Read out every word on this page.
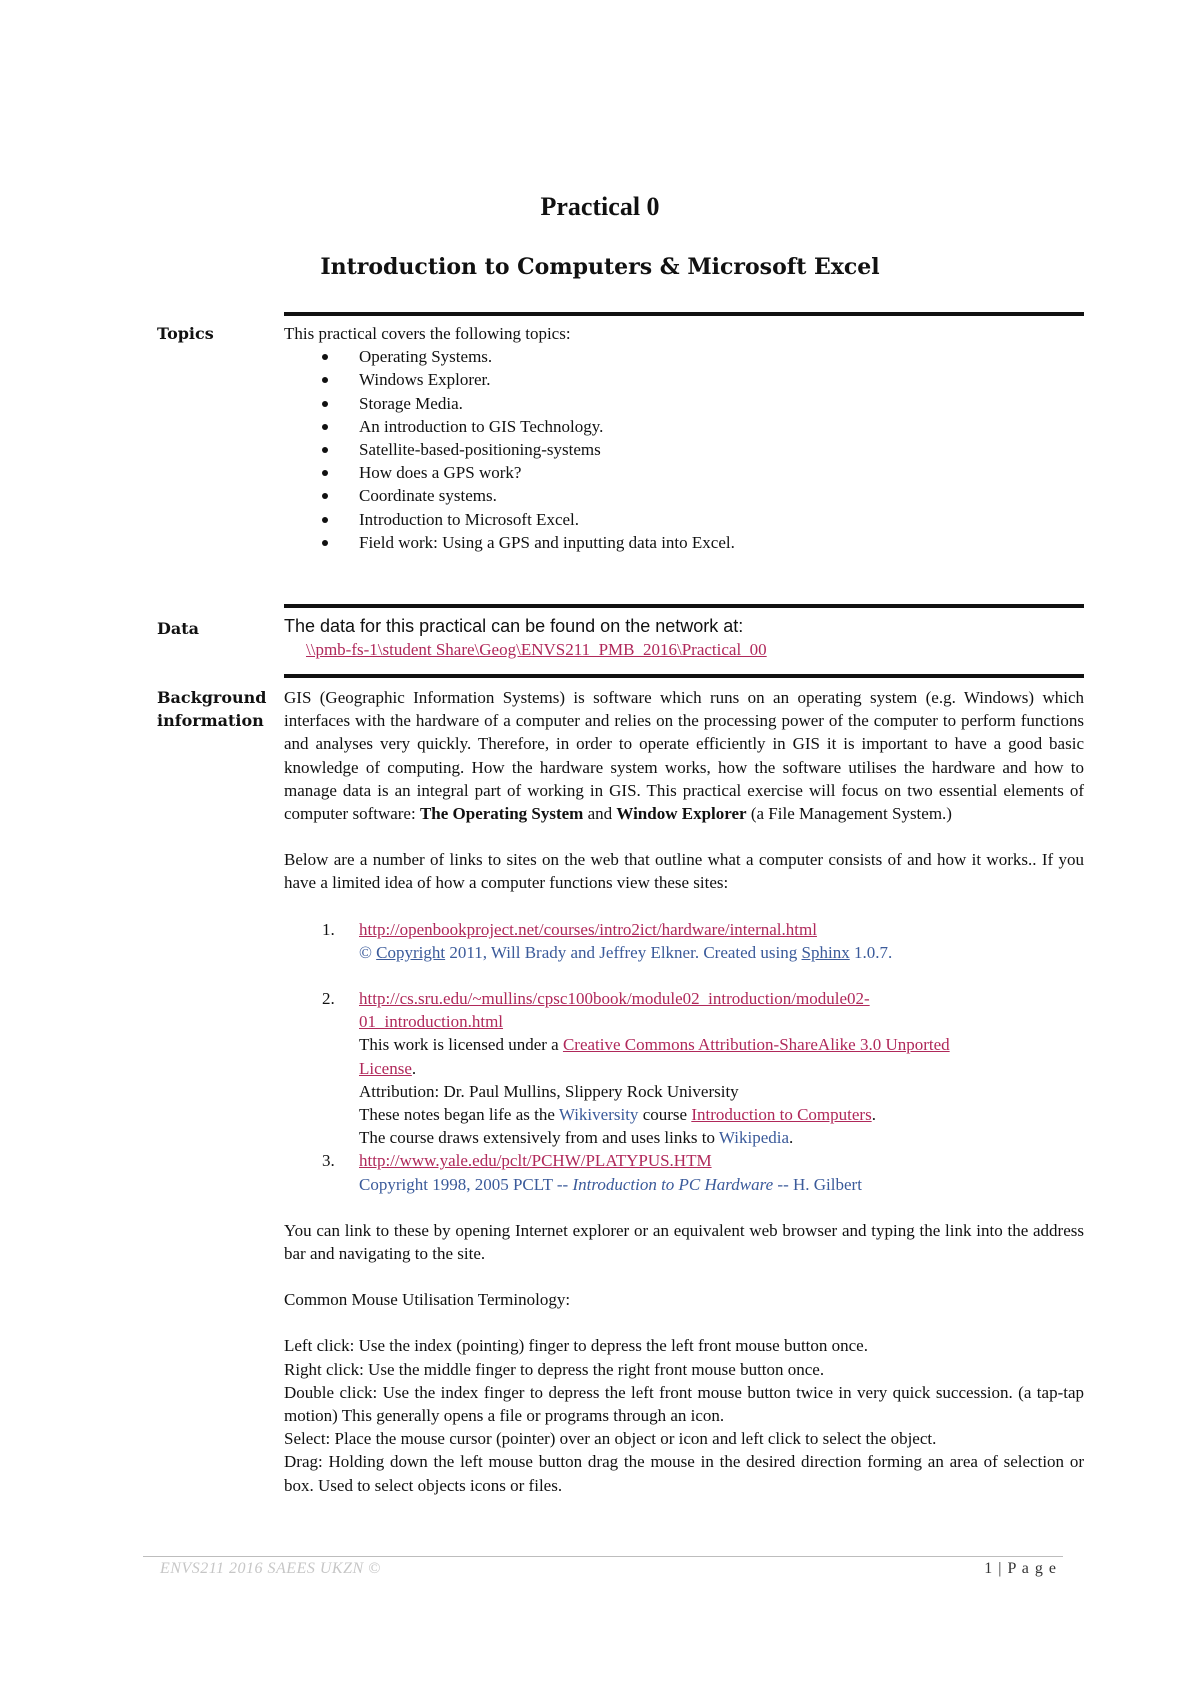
Practical 0
Introduction to Computers & Microsoft Excel
Topics	This practical covers the following topics:
Operating Systems.
Windows Explorer.
Storage Media.
An introduction to GIS Technology.
Satellite-based-positioning-systems
How does a GPS work?
Coordinate systems.
Introduction to Microsoft Excel.
Field work: Using a GPS and inputting data into Excel.
Data	The data for this practical can be found on the network at:
\\pmb-fs-1\student Share\Geog\ENVS211_PMB_2016\Practical_00
Background
information

GIS (Geographic Information Systems) is software which runs on an operating system (e.g. Windows) which interfaces with the hardware of a computer and relies on the processing power of the computer to perform functions and analyses very quickly. Therefore, in order to operate efficiently in GIS it is important to have a good basic knowledge of computing. How the hardware system works, how the software utilises the hardware and how to manage data is an integral part of working in GIS. This practical exercise will focus on two essential elements of computer software: The Operating System and Window Explorer (a File Management System.)

Below are a number of links to sites on the web that outline what a computer consists of and how it works.. If you have a limited idea of how a computer functions view these sites:

1. http://openbookproject.net/courses/intro2ict/hardware/internal.html
© Copyright 2011, Will Brady and Jeffrey Elkner. Created using Sphinx 1.0.7.
2. http://cs.sru.edu/~mullins/cpsc100book/module02_introduction/module02-
01_introduction.html
This work is licensed under a Creative Commons Attribution-ShareAlike 3.0 Unported
License.
Attribution: Dr. Paul Mullins, Slippery Rock University
These notes began life as the Wikiversity course Introduction to Computers.
The course draws extensively from and uses links to Wikipedia.
3. http://www.yale.edu/pclt/PCHW/PLATYPUS.HTM
Copyright 1998, 2005 PCLT -- Introduction to PC Hardware -- H. Gilbert

You can link to these by opening Internet explorer or an equivalent web browser and typing the link into the address bar and navigating to the site.

Common Mouse Utilisation Terminology:

Left click: Use the index (pointing) finger to depress the left front mouse button once.

Right click: Use the middle finger to depress the right front mouse button once.

Double click: Use the index finger to depress the left front mouse button twice in very quick succession. (a tap-tap motion) This generally opens a file or programs through an icon.

Select: Place the mouse cursor (pointer) over an object or icon and left click to select the object.

Drag: Holding down the left mouse button drag the mouse in the desired direction forming an area of selection or box. Used to select objects icons or files.

ENVS211 2016 SAEES UKZN ©	1 | P a g e
